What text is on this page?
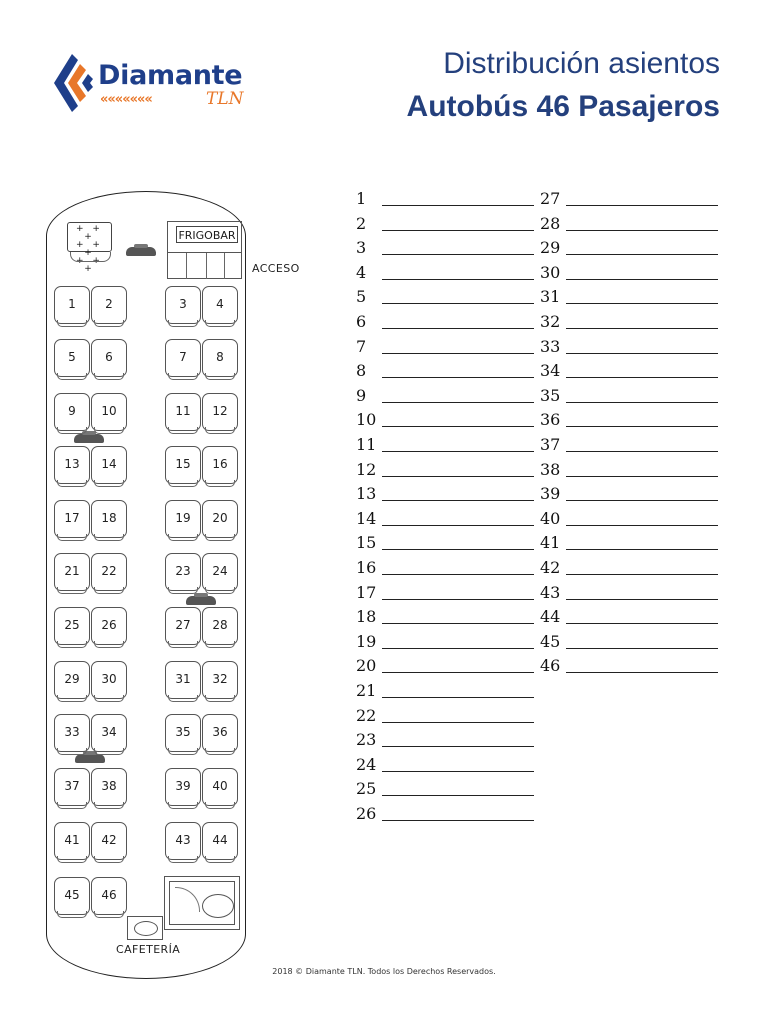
Diamante
«««««««	TLN
Distribución asientos
Autobús 46 Pasajeros
+ + +
+ + +
+ + +
FRIGOBAR
ACCESO
1	2	3	4
5	6	7	8
9	10	11	12
13	14	15	16
17	18	19	20
21	22	23	24
25	26	27	28
29	30	31	32
33	34	35	36
37	38	39	40
41	42	43	44
45	46
CAFETERÍA
1
2
3
4
5
6
7
8
9
10
11
12
13
14
15
16
17
18
19
20
21
22
23
24
25
26
27
28
29
30
31
32
33
34
35
36
37
38
39
40
41
42
43
44
45
46
2018 © Diamante TLN. Todos los Derechos Reservados.
